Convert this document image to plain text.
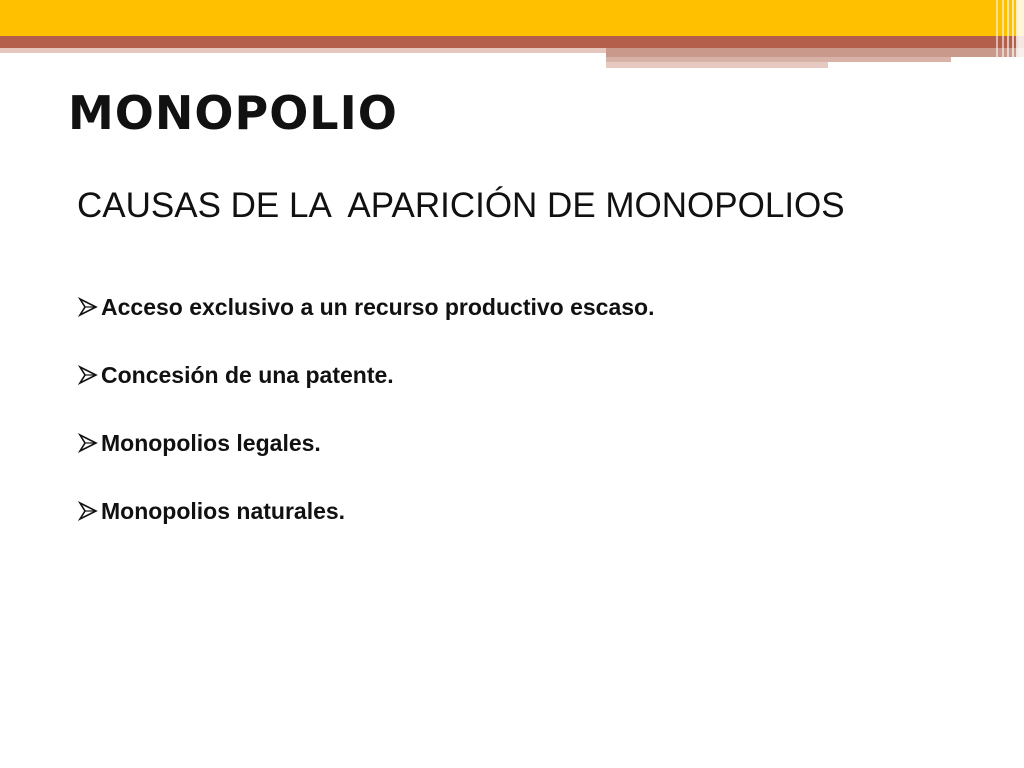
MONOPOLIO
CAUSAS DE LA  APARICIÓN DE MONOPOLIOS
Acceso exclusivo a un recurso productivo escaso.
Concesión de una patente.
Monopolios legales.
Monopolios naturales.
